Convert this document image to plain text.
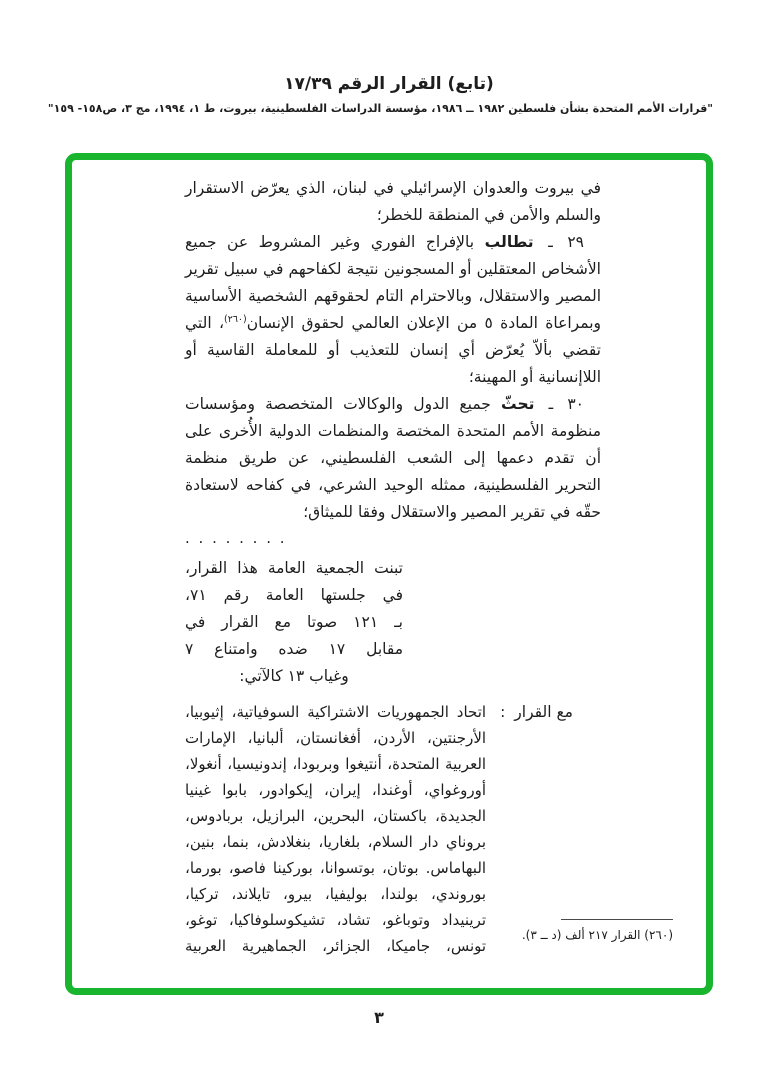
(تابع) القرار الرقم ١٧/٣٩
"قرارات الأمم المتحدة بشأن فلسطين ١٩٨٢ ــ ١٩٨٦، مؤسسة الدراسات الفلسطينية، بيروت، ط ١، ١٩٩٤، مج ٣، ص١٥٨- ١٥٩"

في بيروت والعدوان الإسرائيلي في لبنان، الذي يعرّض الاستقرار والسلم والأمن في المنطقة للخطر؛

٢٩ ـ تطالب بالإفراج الفوري وغير المشروط عن جميع الأشخاص المعتقلين أو المسجونين نتيجة لكفاحهم في سبيل تقرير المصير والاستقلال، وبالاحترام التام لحقوقهم الشخصية الأساسية وبمراعاة المادة ٥ من الإعلان العالمي لحقوق الإنسان$^{(٢٦٠)}$، التي تقضي بألاّ يُعرّض أي إنسان للتعذيب أو للمعاملة القاسية أو اللاإنسانية أو المهينة؛

٣٠ ـ تحثّ جميع الدول والوكالات المتخصصة ومؤسسات منظومة الأمم المتحدة المختصة والمنظمات الدولية الأُخرى على أن تقدم دعمها إلى الشعب الفلسطيني، عن طريق منظمة التحرير الفلسطينية، ممثله الوحيد الشرعي، في كفاحه لاستعادة حقّه في تقرير المصير والاستقلال وفقا للميثاق؛

. . . . . . . .
تبنت الجمعية العامة هذا القرار،
في جلستها العامة رقم ٧١،
بـ ١٢١ صوتا مع القرار في
مقابل ١٧ ضده وامتناع ٧
وغياب ١٣ كالآتي:
مع القرار
:
اتحاد الجمهوريات الاشتراكية السوفياتية، إثيوبيا، الأرجنتين، الأردن، أفغانستان، ألبانيا، الإمارات العربية المتحدة، أنتيغوا وبربودا، إندونيسيا، أنغولا، أوروغواي، أوغندا، إيران، إيكوادور، بابوا غينيا الجديدة، باكستان، البحرين، البرازيل، بربادوس، بروناي دار السلام، بلغاريا، بنغلادش، بنما، بنين، البهاماس. بوتان، بوتسوانا، بوركينا فاصو، بورما، بوروندي، بولندا، بوليفيا، بيرو، تايلاند، تركيا، ترينيداد وتوباغو، تشاد، تشيكوسلوفاكيا، توغو، تونس، جاميكا، الجزائر، الجماهيرية العربية
(٢٦٠) القرار ٢١٧ ألف (د ــ ٣).
٣
